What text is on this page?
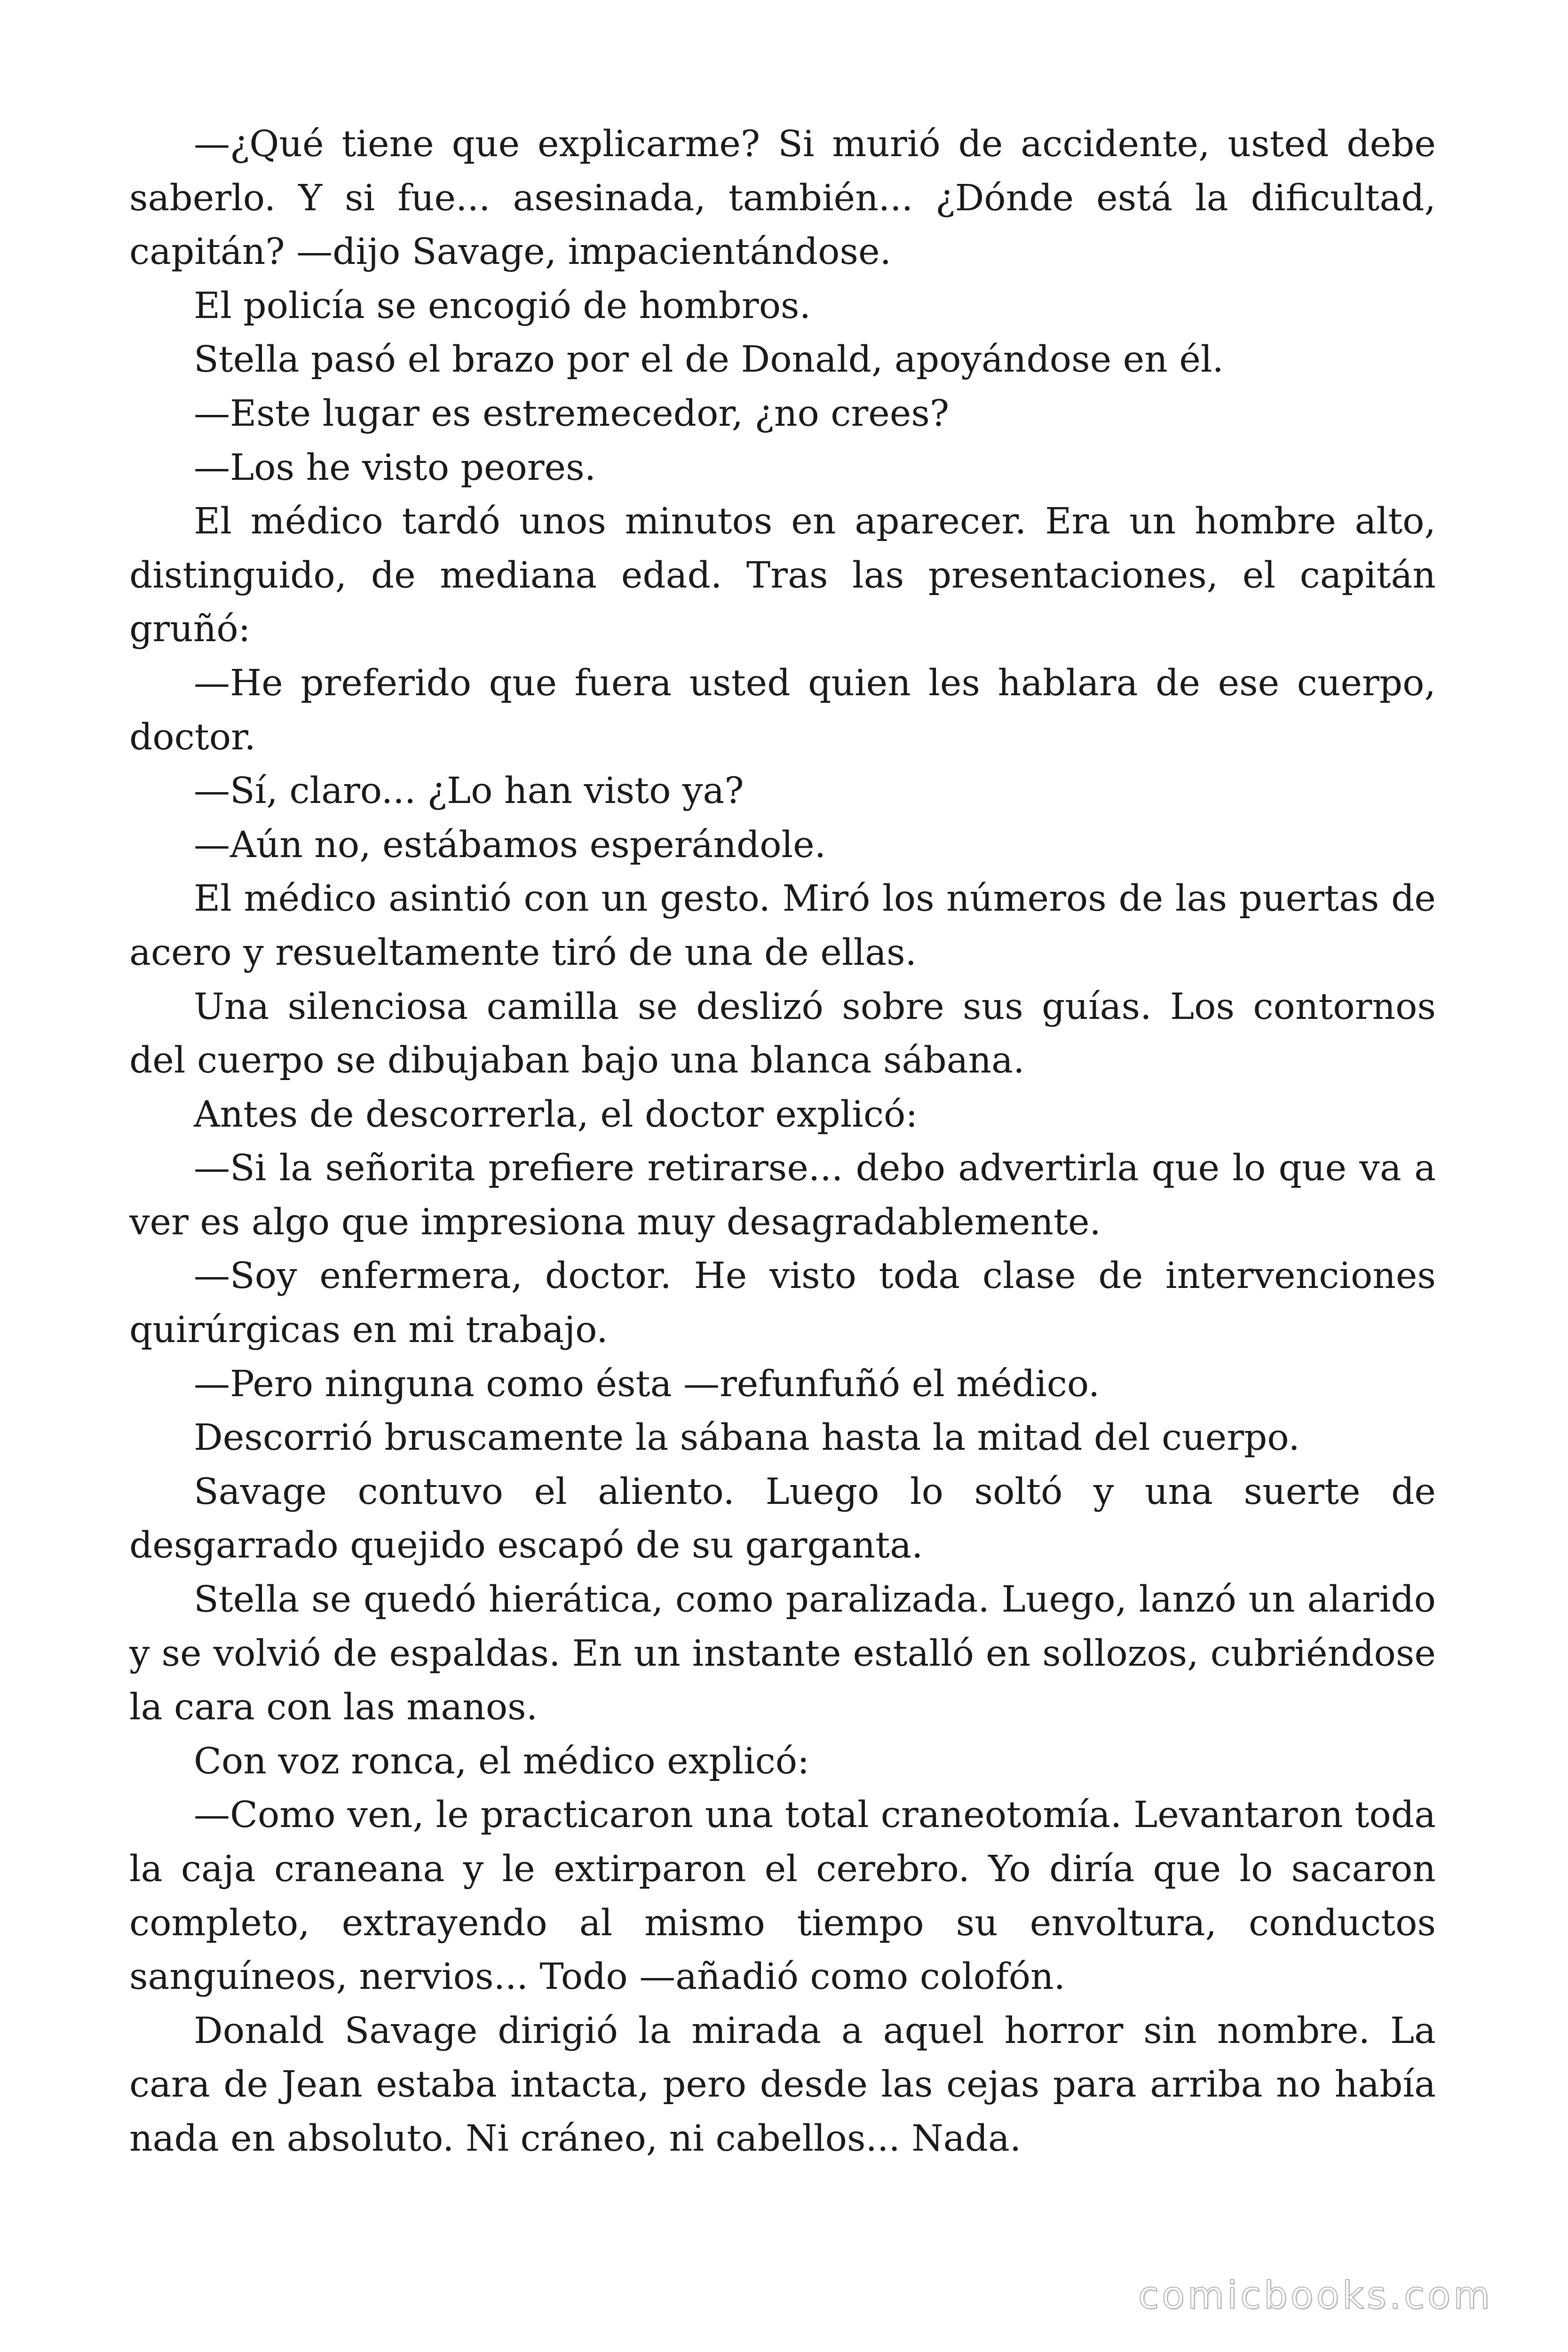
—¿Qué tiene que explicarme? Si murió de accidente, usted debe saberlo. Y si fue... asesinada, también... ¿Dónde está la dificultad, capitán? —dijo Savage, impacientándose.

El policía se encogió de hombros.

Stella pasó el brazo por el de Donald, apoyándose en él.

—Este lugar es estremecedor, ¿no crees?

—Los he visto peores.

El médico tardó unos minutos en aparecer. Era un hombre alto, distinguido, de mediana edad. Tras las presentaciones, el capitán gruñó:

—He preferido que fuera usted quien les hablara de ese cuerpo, doctor.

—Sí, claro... ¿Lo han visto ya?

—Aún no, estábamos esperándole.

El médico asintió con un gesto. Miró los números de las puertas de acero y resueltamente tiró de una de ellas.

Una silenciosa camilla se deslizó sobre sus guías. Los contornos del cuerpo se dibujaban bajo una blanca sábana.

Antes de descorrerla, el doctor explicó:

—Si la señorita prefiere retirarse... debo advertirla que lo que va a ver es algo que impresiona muy desagradablemente.

—Soy enfermera, doctor. He visto toda clase de intervenciones quirúrgicas en mi trabajo.

—Pero ninguna como ésta —refunfuñó el médico.

Descorrió bruscamente la sábana hasta la mitad del cuerpo.

Savage contuvo el aliento. Luego lo soltó y una suerte de desgarrado quejido escapó de su garganta.

Stella se quedó hierática, como paralizada. Luego, lanzó un alarido y se volvió de espaldas. En un instante estalló en sollozos, cubriéndose la cara con las manos.

Con voz ronca, el médico explicó:

—Como ven, le practicaron una total craneotomía. Levantaron toda la caja craneana y le extirparon el cerebro. Yo diría que lo sacaron completo, extrayendo al mismo tiempo su envoltura, conductos sanguíneos, nervios... Todo —añadió como colofón.

Donald Savage dirigió la mirada a aquel horror sin nombre. La cara de Jean estaba intacta, pero desde las cejas para arriba no había nada en absoluto. Ni cráneo, ni cabellos... Nada.

comicbooks.com
